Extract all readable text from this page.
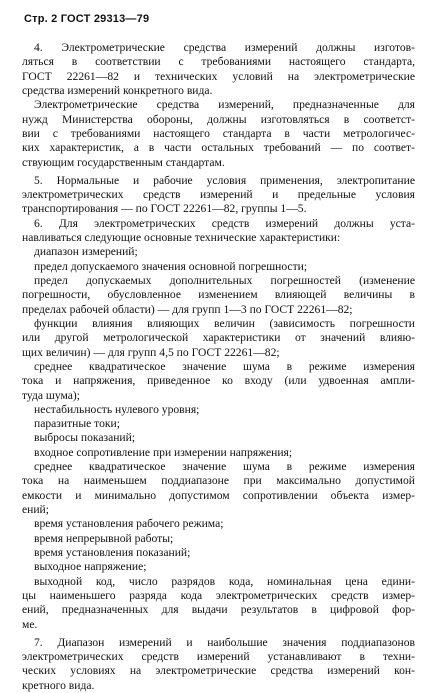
Стр. 2 ГОСТ 29313—79
4. Электрометрические средства измерений должны изготов-
ляться в соответствии с требованиями настоящего стандарта,
ГОСТ 22261—82 и технических условий на электрометрические
средства измерений конкретного вида.
Электрометрические средства измерений, предназначенные для
нужд Министерства обороны, должны изготовляться в соответст-
вии с требованиями настоящего стандарта в части метрологичес-
ких характеристик, а в части остальных требований — по соответ-
ствующим государственным стандартам.
5. Нормальные и рабочие условия применения, электропитание
электрометрических средств измерений и предельные условия
транспортирования — по ГОСТ 22261—82, группы 1—5.
6. Для электрометрических средств измерений должны уста-
навливаться следующие основные технические характеристики:
диапазон измерений;
предел допускаемого значения основной погрешности;
предел допускаемых дополнительных погрешностей (изменение
погрешности, обусловленное изменением влияющей величины в
пределах рабочей области) — для групп 1—3 по ГОСТ 22261—82;
функции влияния влияющих величин (зависимость погрешности
или другой метрологической характеристики от значений влияю-
щих величин) — для групп 4,5 по ГОСТ 22261—82;
среднее квадратическое значение шума в режиме измерения
тока и напряжения, приведенное ко входу (или удвоенная ампли-
туда шума);
нестабильность нулевого уровня;
паразитные токи;
выбросы показаний;
входное сопротивление при измерении напряжения;
среднее квадратическое значение шума в режиме измерения
тока на наименьшем поддиапазоне при максимально допустимой
емкости и минимально допустимом сопротивлении объекта измер-
ений;
время установления рабочего режима;
время непрерывной работы;
время установления показаний;
выходное напряжение;
выходной код, число разрядов кода, номинальная цена едини-
цы наименьшего разряда кода электрометрических средств измер-
ений, предназначенных для выдачи результатов в цифровой фор-
ме.
7. Диапазон измерений и наибольшие значения поддиапазонов
электрометрических средств измерений устанавливают в техни-
ческих условиях на электрометрические средства измерений кон-
кретного вида.
